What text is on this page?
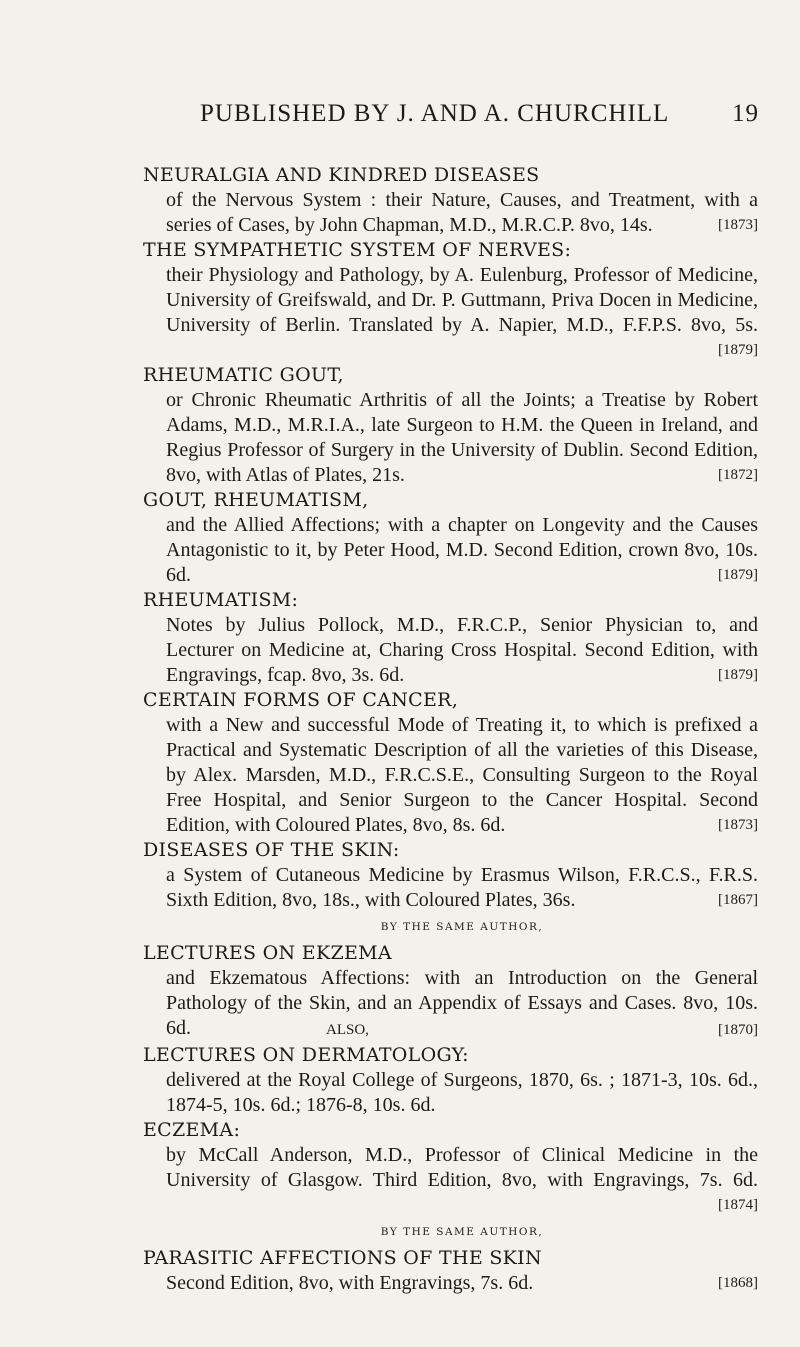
PUBLISHED BY J. AND A. CHURCHILL	19
NEURALGIA AND KINDRED DISEASES
of the Nervous System : their Nature, Causes, and Treatment, with a series of Cases, by John Chapman, M.D., M.R.C.P. 8vo, 14s.	[1873]
THE SYMPATHETIC SYSTEM OF NERVES:
their Physiology and Pathology, by A. Eulenburg, Professor of Medicine, University of Greifswald, and Dr. P. Guttmann, Priva Docen in Medicine, University of Berlin. Translated by A. Napier, M.D., F.F.P.S. 8vo, 5s.
[1879]
RHEUMATIC GOUT,
or Chronic Rheumatic Arthritis of all the Joints; a Treatise by Robert Adams, M.D., M.R.I.A., late Surgeon to H.M. the Queen in Ireland, and Regius Professor of Surgery in the University of Dublin. Second Edition, 8vo, with Atlas of Plates, 21s.	[1872]
GOUT, RHEUMATISM,
and the Allied Affections; with a chapter on Longevity and the Causes Antagonistic to it, by Peter Hood, M.D. Second Edition, crown 8vo, 10s. 6d.	[1879]
RHEUMATISM:
Notes by Julius Pollock, M.D., F.R.C.P., Senior Physician to, and Lecturer on Medicine at, Charing Cross Hospital. Second Edition, with Engravings, fcap. 8vo, 3s. 6d.	[1879]
CERTAIN FORMS OF CANCER,
with a New and successful Mode of Treating it, to which is prefixed a Practical and Systematic Description of all the varieties of this Disease, by Alex. Marsden, M.D., F.R.C.S.E., Consulting Surgeon to the Royal Free Hospital, and Senior Surgeon to the Cancer Hospital. Second Edition, with Coloured Plates, 8vo, 8s. 6d.	[1873]
DISEASES OF THE SKIN:
a System of Cutaneous Medicine by Erasmus Wilson, F.R.C.S., F.R.S. Sixth Edition, 8vo, 18s., with Coloured Plates, 36s.	[1867]
BY THE SAME AUTHOR,
LECTURES ON EKZEMA
and Ekzematous Affections: with an Introduction on the General Pathology of the Skin, and an Appendix of Essays and Cases. 8vo, 10s. 6d.	ALSO,	[1870]
LECTURES ON DERMATOLOGY:
delivered at the Royal College of Surgeons, 1870, 6s. ; 1871-3, 10s. 6d., 1874-5, 10s. 6d.; 1876-8, 10s. 6d.
ECZEMA:
by McCall Anderson, M.D., Professor of Clinical Medicine in the University of Glasgow. Third Edition, 8vo, with Engravings, 7s. 6d.
[1874]
BY THE SAME AUTHOR,
PARASITIC AFFECTIONS OF THE SKIN
Second Edition, 8vo, with Engravings, 7s. 6d.	[1868]
